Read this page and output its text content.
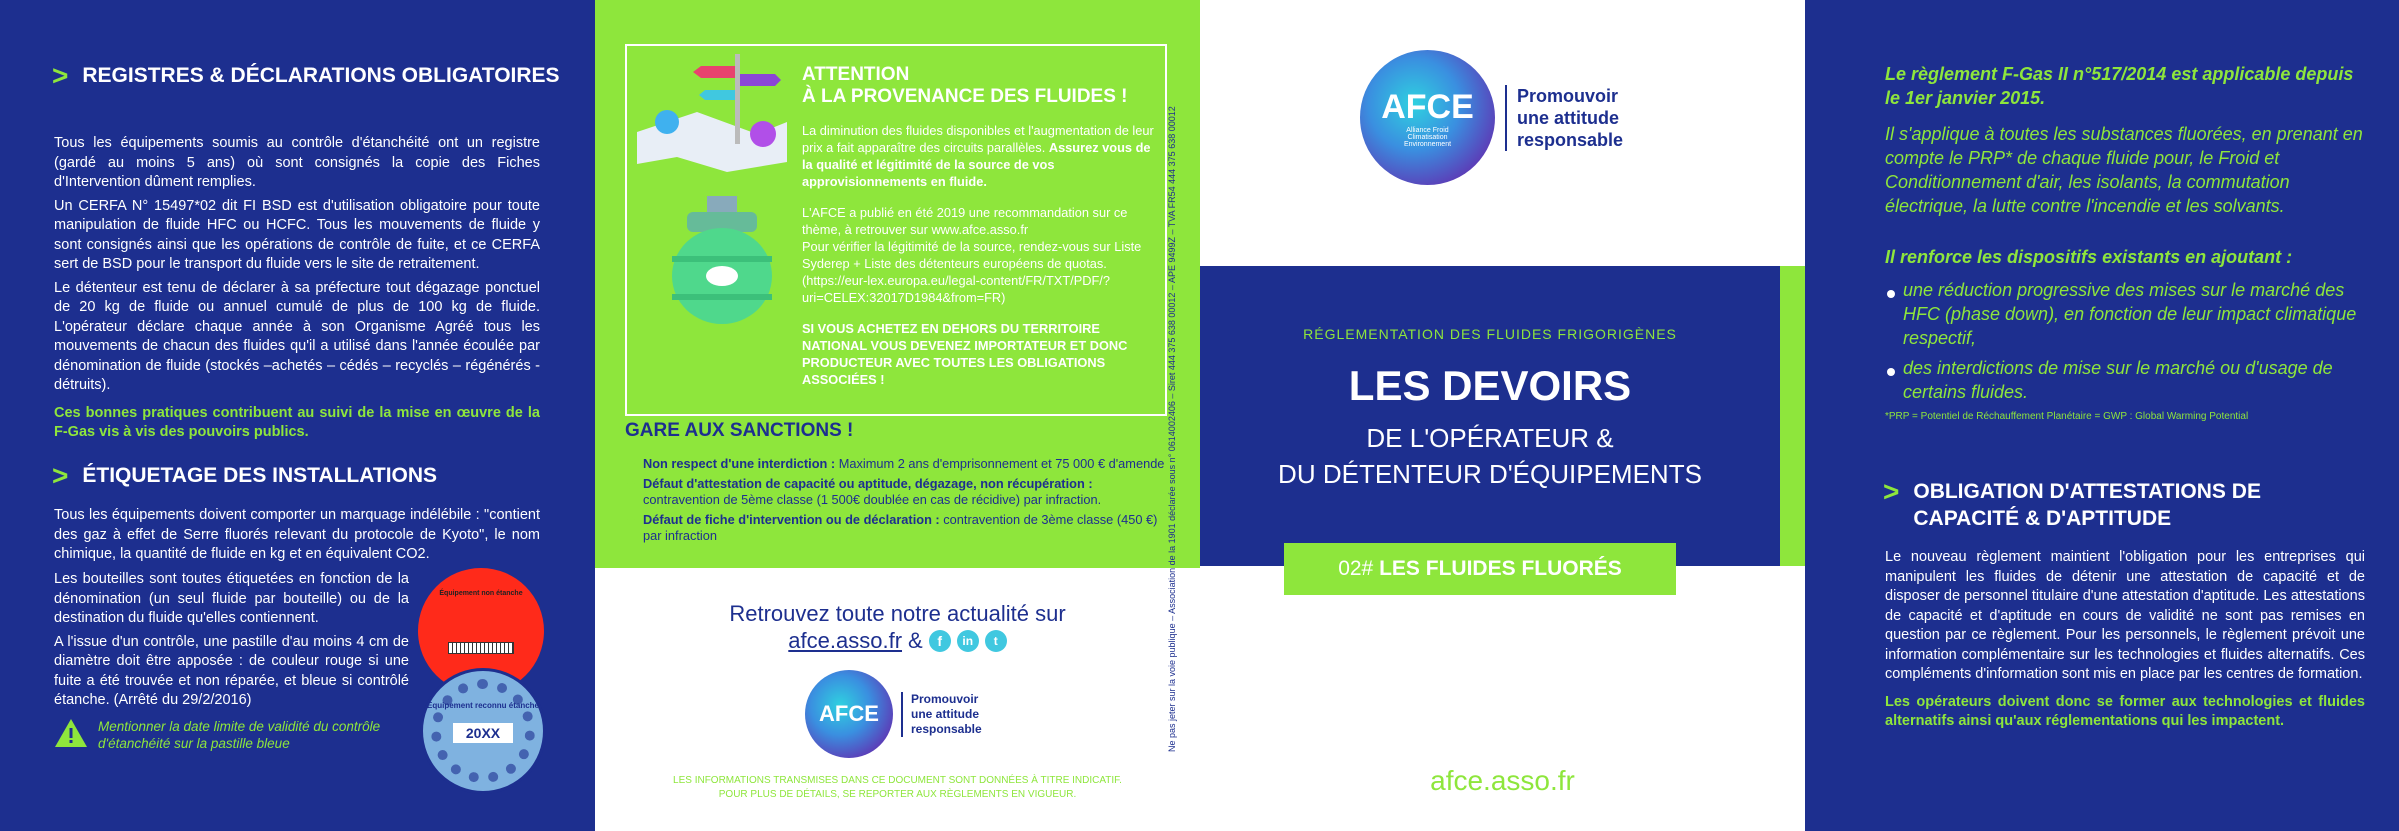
> REGISTRES & DÉCLARATIONS OBLIGATOIRES

Tous les équipements soumis au contrôle d'étanchéité ont un registre (gardé au moins 5 ans) où sont consignés la copie des Fiches d'Intervention dûment remplies.

Un CERFA N° 15497*02 dit FI BSD est d'utilisation obligatoire pour toute manipulation de fluide HFC ou HCFC. Tous les mouvements de fluide y sont consignés ainsi que les opérations de contrôle de fuite, et ce CERFA sert de BSD pour le transport du fluide vers le site de retraitement.

Le détenteur est tenu de déclarer à sa préfecture tout dégazage ponctuel de 20 kg de fluide ou annuel cumulé de plus de 100 kg de fluide. L'opérateur déclare chaque année à son Organisme Agréé tous les mouvements de chacun des fluides qu'il a utilisé dans l'année écoulée par dénomination de fluide (stockés –achetés – cédés – recyclés – régénérés - détruits).

Ces bonnes pratiques contribuent au suivi de la mise en œuvre de la F-Gas vis à vis des pouvoirs publics.

> ÉTIQUETAGE DES INSTALLATIONS

Tous les équipements doivent comporter un marquage indélébile : "contient des gaz à effet de Serre fluorés relevant du protocole de Kyoto", le nom chimique, la quantité de fluide en kg et en équivalent CO2.

Les bouteilles sont toutes étiquetées en fonction de la dénomination (un seul fluide par bouteille) ou de la destination du fluide qu'elles contiennent.

A l'issue d'un contrôle, une pastille d'au moins 4 cm de diamètre doit être apposée : de couleur rouge si une fuite a été trouvée et non réparée, et bleue si contrôlé étanche. (Arrêté du 29/2/2016)

Mentionner la date limite de validité du contrôle d'étanchéité sur la pastille bleue
Équipement non étanche
Équipement reconnu étanche
20XX
ATTENTION
À LA PROVENANCE DES FLUIDES !

La diminution des fluides disponibles et l'augmentation de leur prix a fait apparaître des circuits parallèles. Assurez vous de la qualité et légitimité de la source de vos approvisionnements en fluide.

L'AFCE a publié en été 2019 une recommandation sur ce thème, à retrouver sur www.afce.asso.fr

Pour vérifier la légitimité de la source, rendez-vous sur Liste Syderep + Liste des détenteurs européens de quotas. (https://eur-lex.europa.eu/legal-content/FR/TXT/PDF/?uri=CELEX:32017D1984&from=FR)

SI VOUS ACHETEZ EN DEHORS DU TERRITOIRE NATIONAL VOUS DEVENEZ IMPORTATEUR ET DONC PRODUCTEUR AVEC TOUTES LES OBLIGATIONS ASSOCIÉES !	Ne pas jeter sur la voie publique – Association de la 1901 déclarée sous n° 0614002406 – Siret 444 375 638 00012 – APE 9499Z – TVA FR54 444 375 638 00012
GARE AUX SANCTIONS !
Non respect d'une interdiction : Maximum 2 ans d'emprisonnement et 75 000 € d'amende
Défaut d'attestation de capacité ou aptitude, dégazage, non récupération : contravention de 5ème classe (1 500€ doublée en cas de récidive) par infraction.
Défaut de fiche d'intervention ou de déclaration : contravention de 3ème classe (450 €) par infraction
Retrouvez toute notre actualité sur
afce.asso.fr &	f	in	t
AFCE
Promouvoir
une attitude
responsable
LES INFORMATIONS TRANSMISES DANS CE DOCUMENT SONT DONNÉES À TITRE INDICATIF.
POUR PLUS DE DÉTAILS, SE REPORTER AUX RÈGLEMENTS EN VIGUEUR.
AFCE
Alliance Froid Climatisation Environnement
Promouvoir
une attitude
responsable
RÉGLEMENTATION DES FLUIDES FRIGORIGÈNES
LES DEVOIRS
DE L'OPÉRATEUR &
DU DÉTENTEUR D'ÉQUIPEMENTS
02# LES FLUIDES FLUORÉS
afce.asso.fr
Le règlement F-Gas II n°517/2014 est applicable depuis le 1er janvier 2015.
Il s'applique à toutes les substances fluorées, en prenant en compte le PRP* de chaque fluide pour, le Froid et Conditionnement d'air, les isolants, la commutation électrique, la lutte contre l'incendie et les solvants.
Il renforce les dispositifs existants en ajoutant :
une réduction progressive des mises sur le marché des HFC (phase down), en fonction de leur impact climatique respectif,
des interdictions de mise sur le marché ou d'usage de certains fluides.
*PRP = Potentiel de Réchauffement Planétaire = GWP : Global Warming Potential
> OBLIGATION D'ATTESTATIONS DE CAPACITÉ & D'APTITUDE

Le nouveau règlement maintient l'obligation pour les entreprises qui manipulent les fluides de détenir une attestation de capacité et de disposer de personnel titulaire d'une attestation d'aptitude. Les attestations de capacité et d'aptitude en cours de validité ne sont pas remises en question par ce règlement. Pour les personnels, le règlement prévoit une information complémentaire sur les technologies et fluides alternatifs. Ces compléments d'information sont mis en place par les centres de formation.

Les opérateurs doivent donc se former aux technologies et fluides alternatifs ainsi qu'aux réglementations qui les impactent.
